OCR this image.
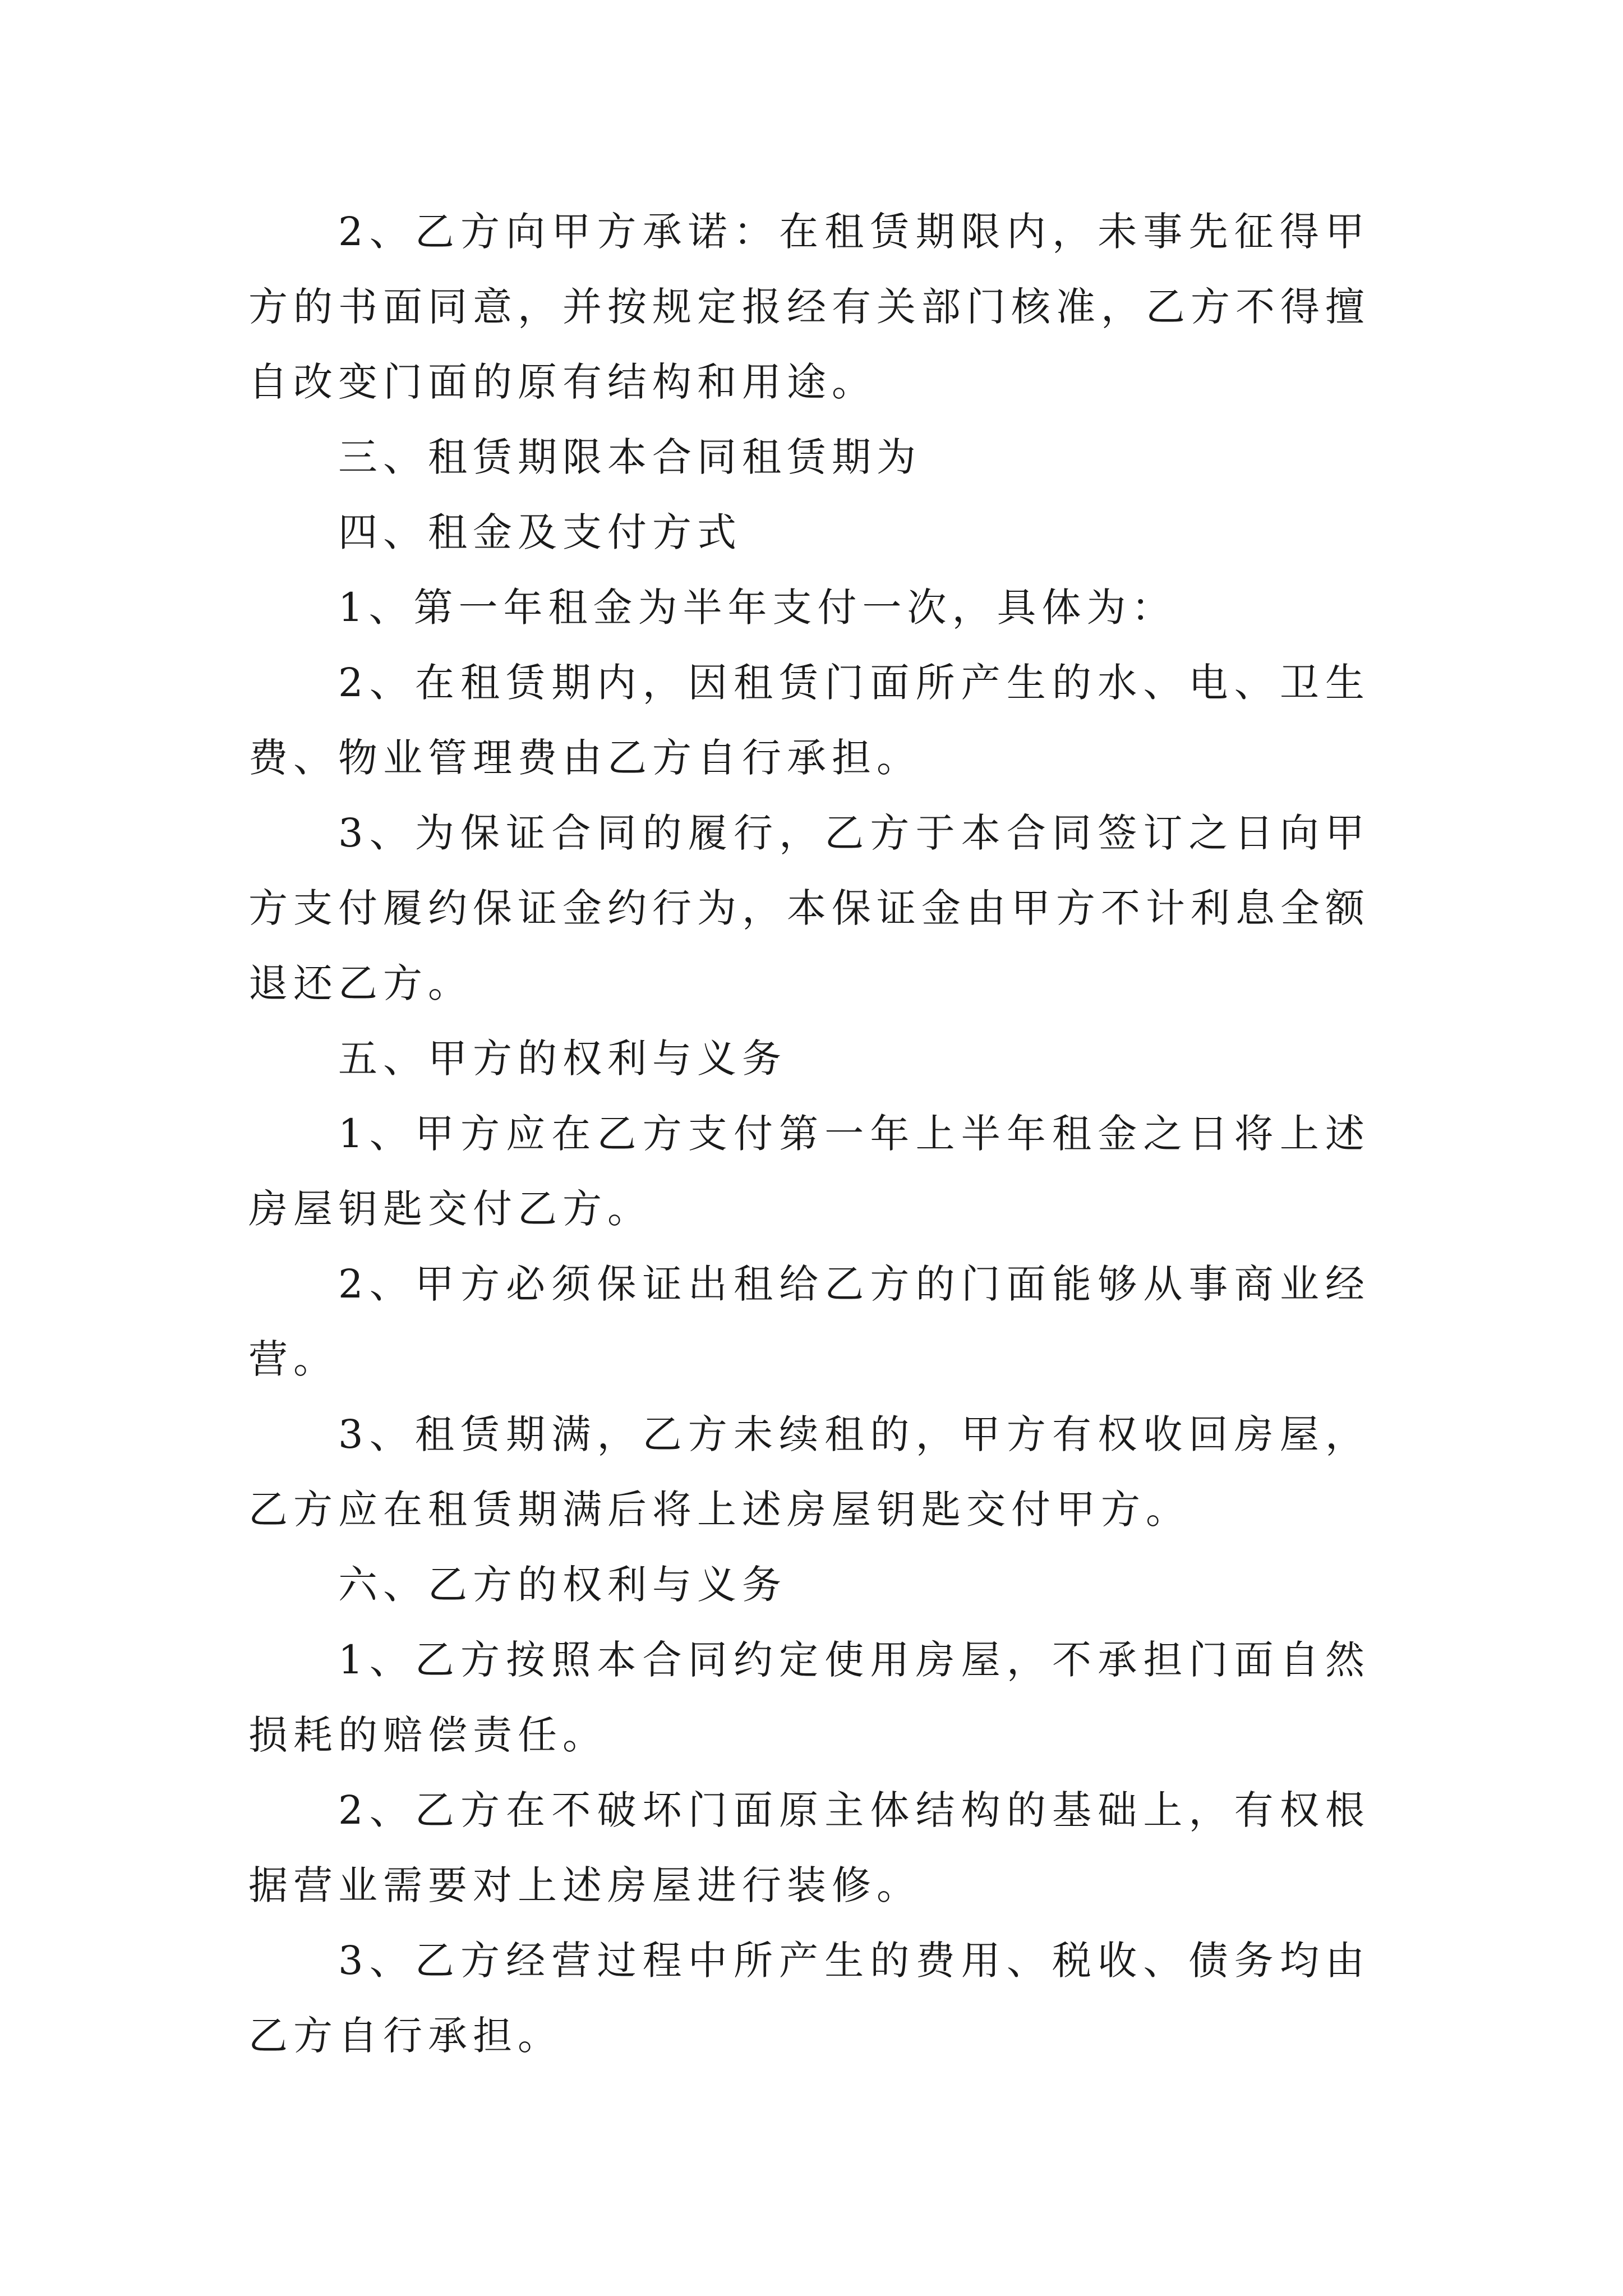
2、乙方向甲方承诺：在租赁期限内，未事先征得甲方的书面同意，并按规定报经有关部门核准，乙方不得擅自改变门面的原有结构和用途。

三、租赁期限本合同租赁期为

四、租金及支付方式

1、第一年租金为半年支付一次，具体为：

2、在租赁期内，因租赁门面所产生的水、电、卫生费、物业管理费由乙方自行承担。

3、为保证合同的履行，乙方于本合同签订之日向甲方支付履约保证金约行为，本保证金由甲方不计利息全额退还乙方。

五、甲方的权利与义务

1、甲方应在乙方支付第一年上半年租金之日将上述房屋钥匙交付乙方。

2、甲方必须保证出租给乙方的门面能够从事商业经营。

3、租赁期满，乙方未续租的，甲方有权收回房屋，乙方应在租赁期满后将上述房屋钥匙交付甲方。

六、乙方的权利与义务

1、乙方按照本合同约定使用房屋，不承担门面自然损耗的赔偿责任。

2、乙方在不破坏门面原主体结构的基础上，有权根据营业需要对上述房屋进行装修。

3、乙方经营过程中所产生的费用、税收、债务均由乙方自行承担。
